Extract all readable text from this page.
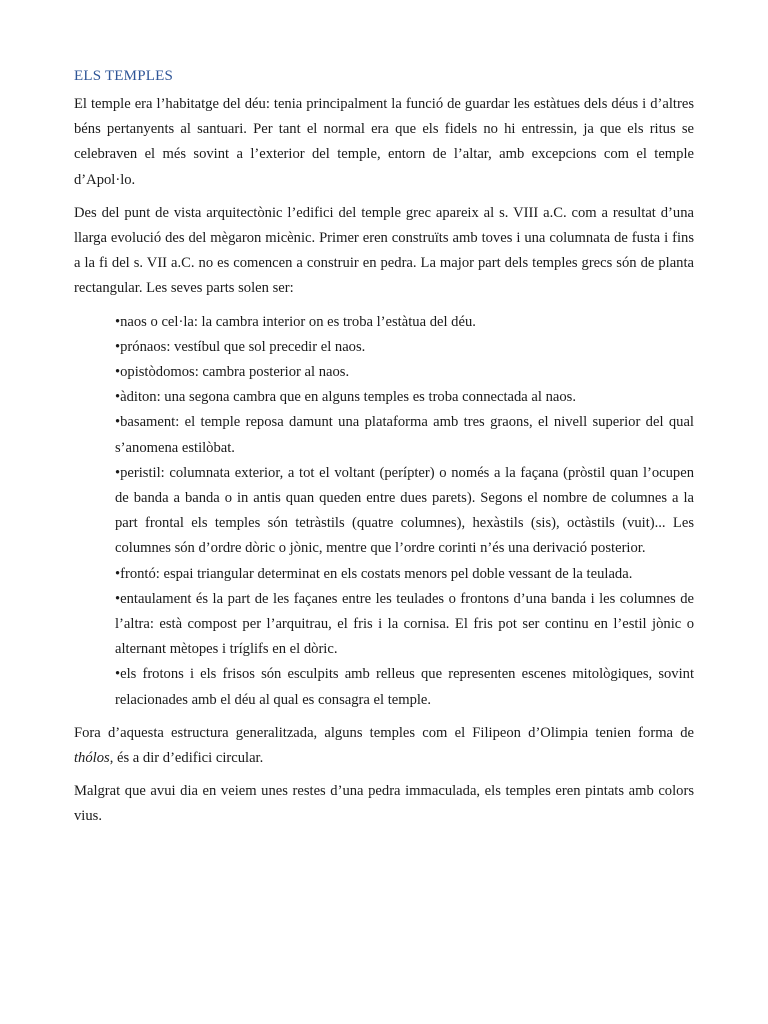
ELS TEMPLES

El temple era l’habitatge del déu: tenia principalment la funció de guardar les estàtues dels déus i d’altres béns pertanyents al santuari. Per tant el normal era que els fidels no hi entressin, ja que els ritus se celebraven el més sovint a l’exterior del temple, entorn de l’altar, amb excepcions com el temple d’Apol·lo.

Des del punt de vista arquitectònic l’edifici del temple grec apareix al s. VIII a.C. com a resultat d’una llarga evolució des del mègaron micènic. Primer eren construïts amb toves i una columnata de fusta i fins a la fi del s. VII a.C. no es comencen a construir en pedra. La major part dels temples grecs són de planta rectangular. Les seves parts solen ser:

•naos o cel·la: la cambra interior on es troba l’estàtua del déu.
•prónaos: vestíbul que sol precedir el naos.
•opistòdomos: cambra posterior al naos.
•àditon: una segona cambra que en alguns temples es troba connectada al naos.
•basament: el temple reposa damunt una plataforma amb tres graons, el nivell superior del qual s’anomena estilòbat.
•peristil: columnata exterior, a tot el voltant (perípter) o només a la façana (pròstil quan l’ocupen de banda a banda o in antis quan queden entre dues parets). Segons el nombre de columnes a la part frontal els temples són tetràstils (quatre columnes), hexàstils (sis), octàstils (vuit)... Les columnes són d’ordre dòric o jònic, mentre que l’ordre corinti n’és una derivació posterior.
•frontó: espai triangular determinat en els costats menors pel doble vessant de la teulada.
•entaulament és la part de les façanes entre les teulades o frontons d’una banda i les columnes de l’altra: està compost per l’arquitrau, el fris i la cornisa. El fris pot ser continu en l’estil jònic o alternant mètopes i tríglifs en el dòric.
•els frotons i els frisos són esculpits amb relleus que representen escenes mitològiques, sovint relacionades amb el déu al qual es consagra el temple.

Fora d’aquesta estructura generalitzada, alguns temples com el Filipeon d’Olimpia tenien forma de thólos, és a dir d’edifici circular.

Malgrat que avui dia en veiem unes restes d’una pedra immaculada, els temples eren pintats amb colors vius.
